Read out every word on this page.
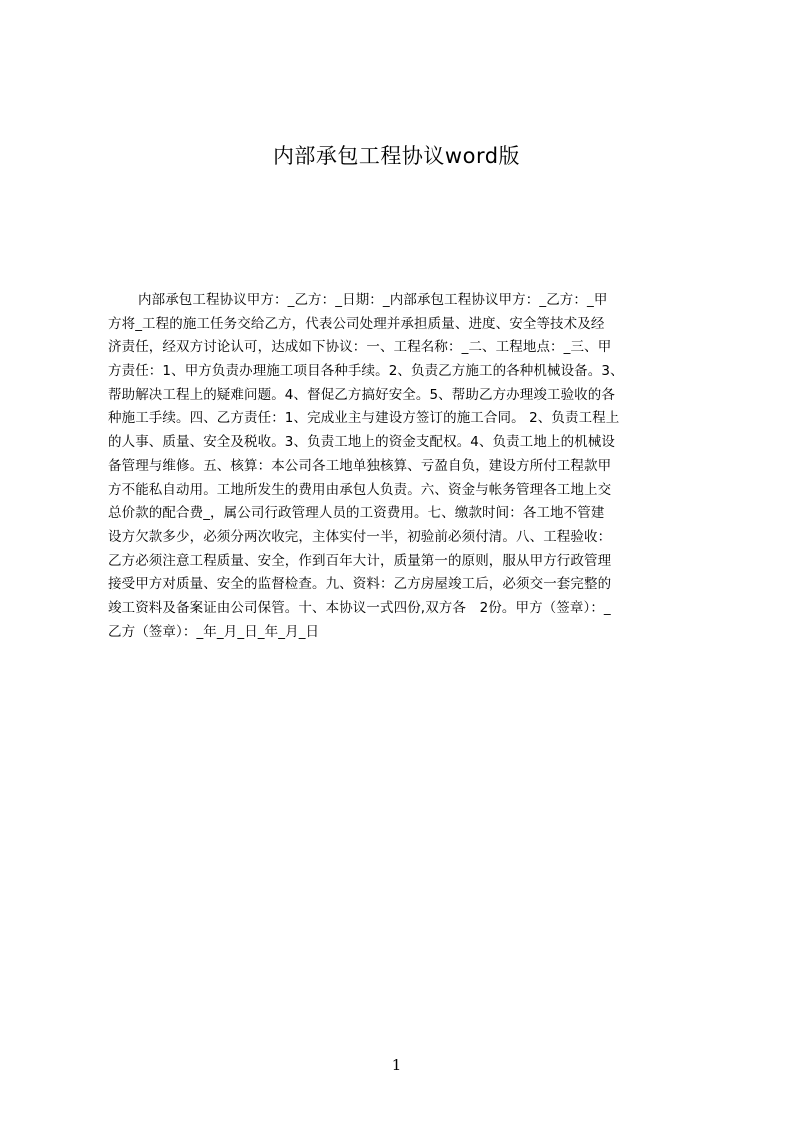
内部承包工程协议word版
内部承包工程协议甲方：_乙方：_日期：_内部承包工程协议甲方：_乙方：_甲
方将_工程的施工任务交给乙方，代表公司处理并承担质量、进度、安全等技术及经
济责任，经双方讨论认可，达成如下协议：一、工程名称：_二、工程地点：_三、甲
方责任：1、甲方负责办理施工项目各种手续。2、负责乙方施工的各种机械设备。3、
帮助解决工程上的疑难问题。4、督促乙方搞好安全。5、帮助乙方办理竣工验收的各
种施工手续。四、乙方责任：1、完成业主与建设方签订的施工合同。 2、负责工程上
的人事、质量、安全及税收。3、负责工地上的资金支配权。4、负责工地上的机械设
备管理与维修。五、核算：本公司各工地单独核算、亏盈自负，建设方所付工程款甲
方不能私自动用。工地所发生的费用由承包人负责。六、资金与帐务管理各工地上交
总价款的配合费_，属公司行政管理人员的工资费用。七、缴款时间：各工地不管建
设方欠款多少，必须分两次收完，主体实付一半，初验前必须付清。八、工程验收：
乙方必须注意工程质量、安全，作到百年大计，质量第一的原则，服从甲方行政管理
接受甲方对质量、安全的监督检查。九、资料：乙方房屋竣工后，必须交一套完整的
竣工资料及备案证由公司保管。十、本协议一式四份,双方各　2份。甲方（签章）：_
乙方（签章）：_年_月_日_年_月_日
1
